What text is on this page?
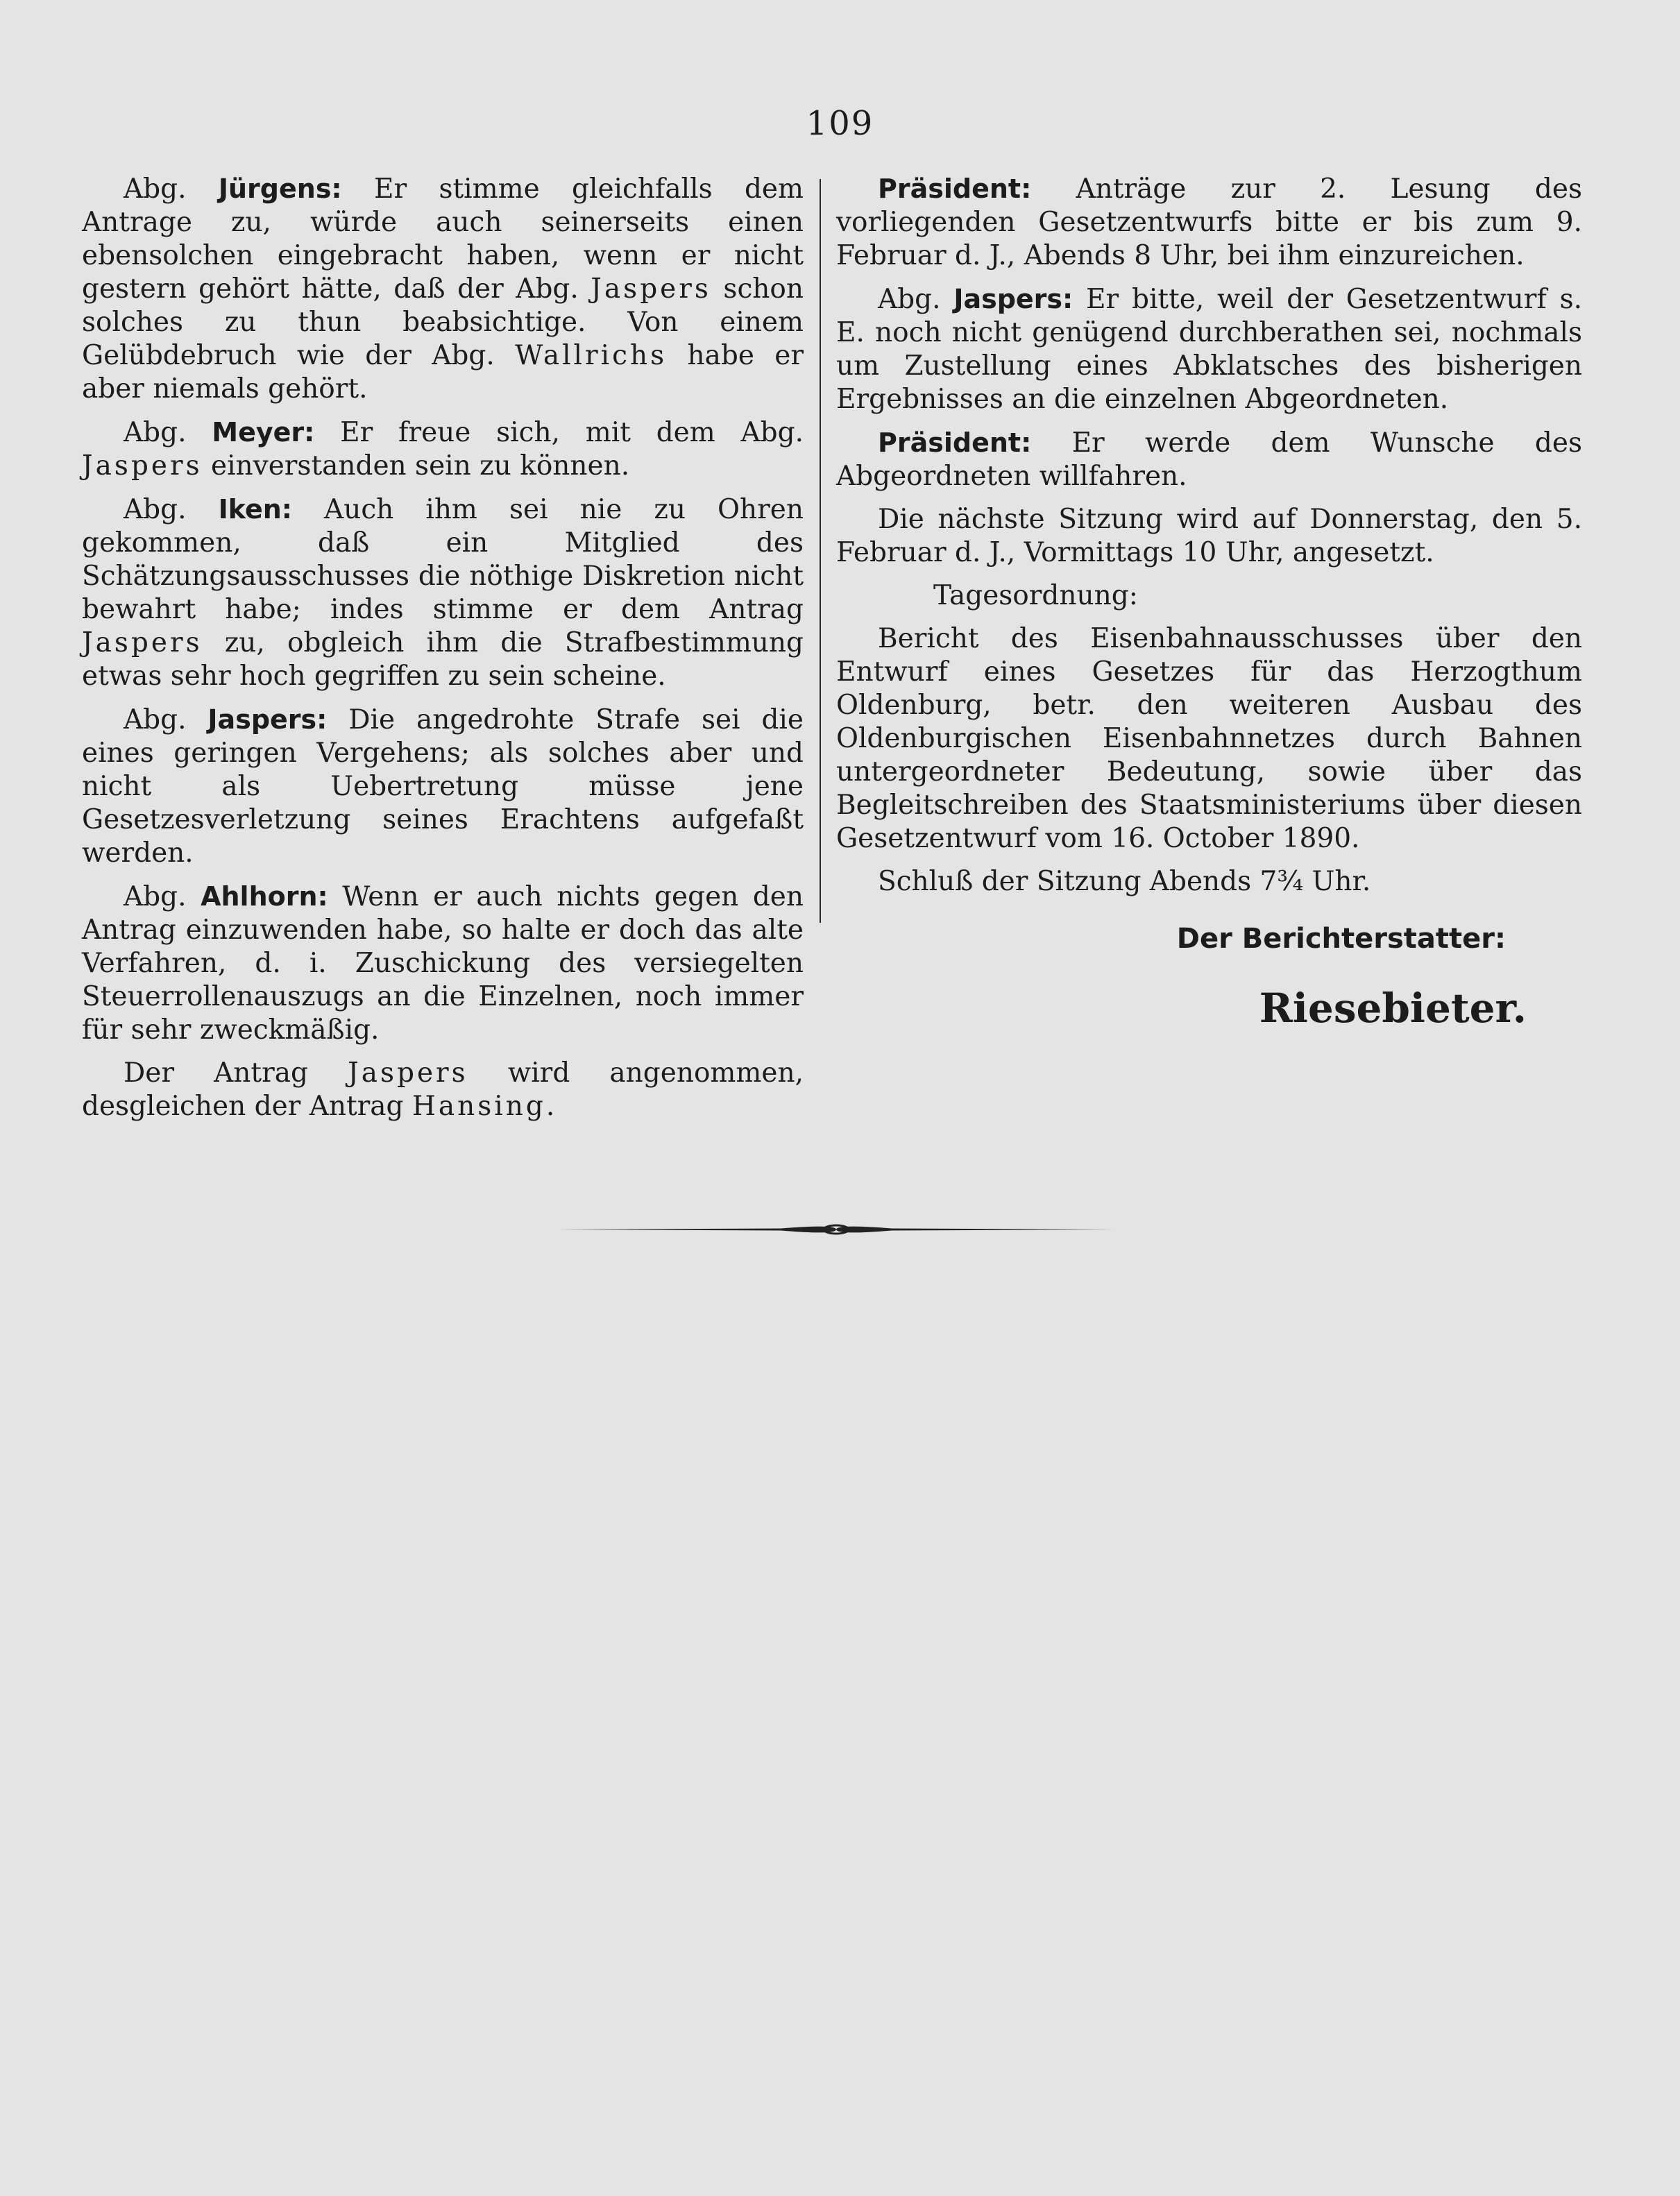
109

Abg. Jürgens: Er stimme gleichfalls dem Antrage zu, würde auch seinerseits einen ebensolchen eingebracht haben, wenn er nicht gestern gehört hätte, daß der Abg. Jaspers schon solches zu thun beabsichtige. Von einem Gelübdebruch wie der Abg. Wallrichs habe er aber niemals gehört.

Abg. Meyer: Er freue sich, mit dem Abg. Jaspers einverstanden sein zu können.

Abg. Iken: Auch ihm sei nie zu Ohren gekommen, daß ein Mitglied des Schätzungsausschusses die nöthige Diskretion nicht bewahrt habe; indes stimme er dem Antrag Jaspers zu, obgleich ihm die Strafbestimmung etwas sehr hoch gegriffen zu sein scheine.

Abg. Jaspers: Die angedrohte Strafe sei die eines geringen Vergehens; als solches aber und nicht als Uebertretung müsse jene Gesetzesverletzung seines Erachtens aufgefaßt werden.

Abg. Ahlhorn: Wenn er auch nichts gegen den Antrag einzuwenden habe, so halte er doch das alte Verfahren, d. i. Zuschickung des versiegelten Steuerrollenauszugs an die Einzelnen, noch immer für sehr zweckmäßig.

Der Antrag Jaspers wird angenommen, desgleichen der Antrag Hansing.

Präsident: Anträge zur 2. Lesung des vorliegenden Gesetzentwurfs bitte er bis zum 9. Februar d. J., Abends 8 Uhr, bei ihm einzureichen.

Abg. Jaspers: Er bitte, weil der Gesetzentwurf s. E. noch nicht genügend durchberathen sei, nochmals um Zustellung eines Abklatsches des bisherigen Ergebnisses an die einzelnen Abgeordneten.

Präsident: Er werde dem Wunsche des Abgeordneten willfahren.

Die nächste Sitzung wird auf Donnerstag, den 5. Februar d. J., Vormittags 10 Uhr, angesetzt.

Tagesordnung:

Bericht des Eisenbahnausschusses über den Entwurf eines Gesetzes für das Herzogthum Oldenburg, betr. den weiteren Ausbau des Oldenburgischen Eisenbahnnetzes durch Bahnen untergeordneter Bedeutung, sowie über das Begleitschreiben des Staatsministeriums über diesen Gesetzentwurf vom 16. October 1890.

Schluß der Sitzung Abends 7¾ Uhr.

Der Berichterstatter:
Riesebieter.
